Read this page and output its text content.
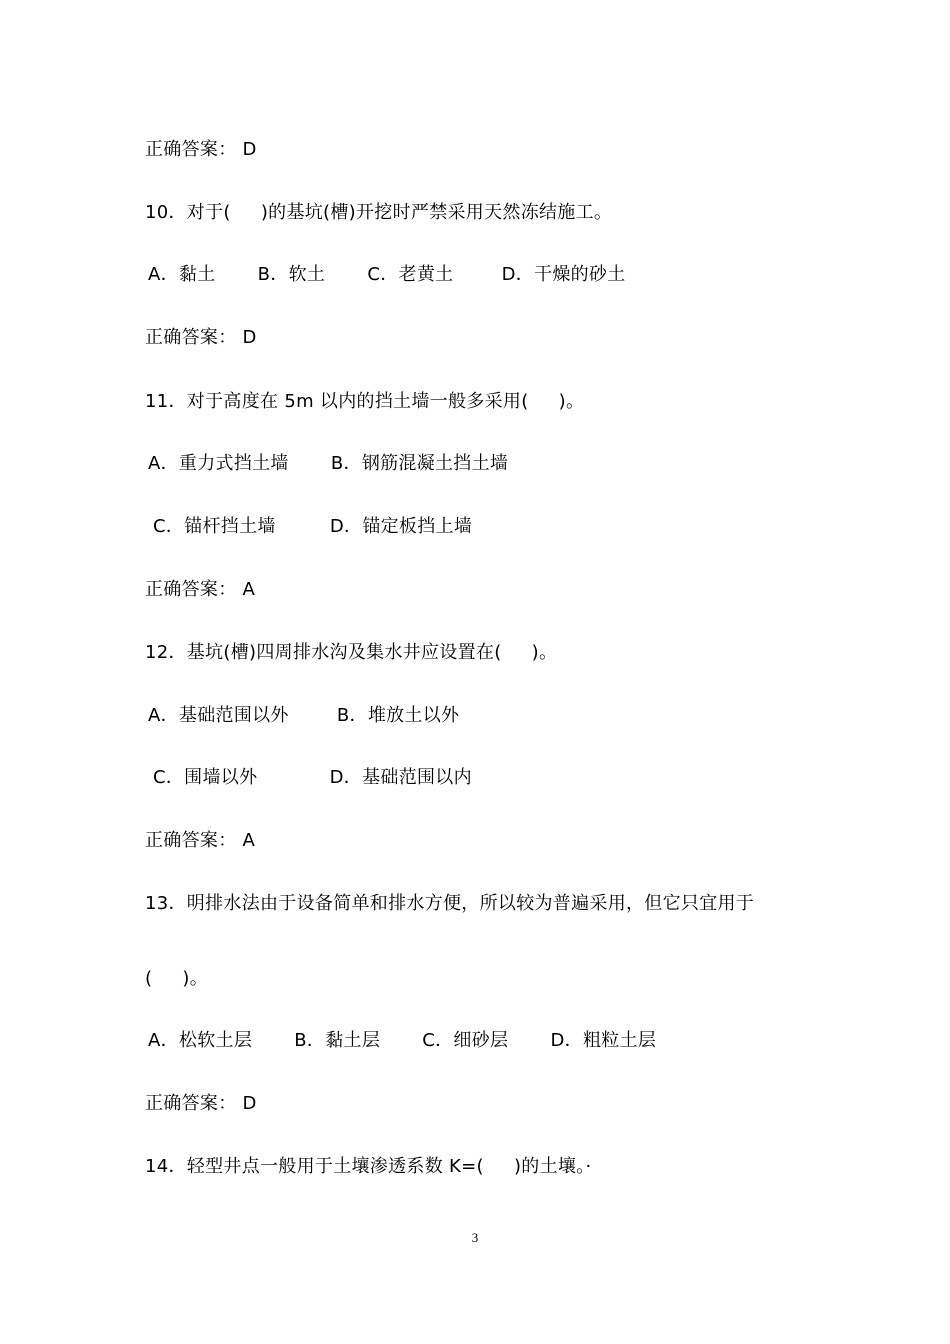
正确答案： D
10．对于(     )的基坑(槽)开挖时严禁采用天然冻结施工。
A．黏土       B．软土       C．老黄土        D．干燥的砂土
正确答案： D
11．对于高度在 5m 以内的挡土墙一般多采用(     )。
A．重力式挡土墙       B．钢筋混凝土挡土墙
C．锚杆挡土墙         D．锚定板挡上墙
正确答案： A
12．基坑(槽)四周排水沟及集水井应设置在(     )。
A．基础范围以外        B．堆放土以外
C．围墙以外            D．基础范围以内
正确答案： A
13．明排水法由于设备简单和排水方便，所以较为普遍采用，但它只宜用于
(     )。
A．松软土层       B．黏土层       C．细砂层       D．粗粒土层
正确答案： D
14．轻型井点一般用于土壤渗透系数 K=(     )的土壤。·
3
